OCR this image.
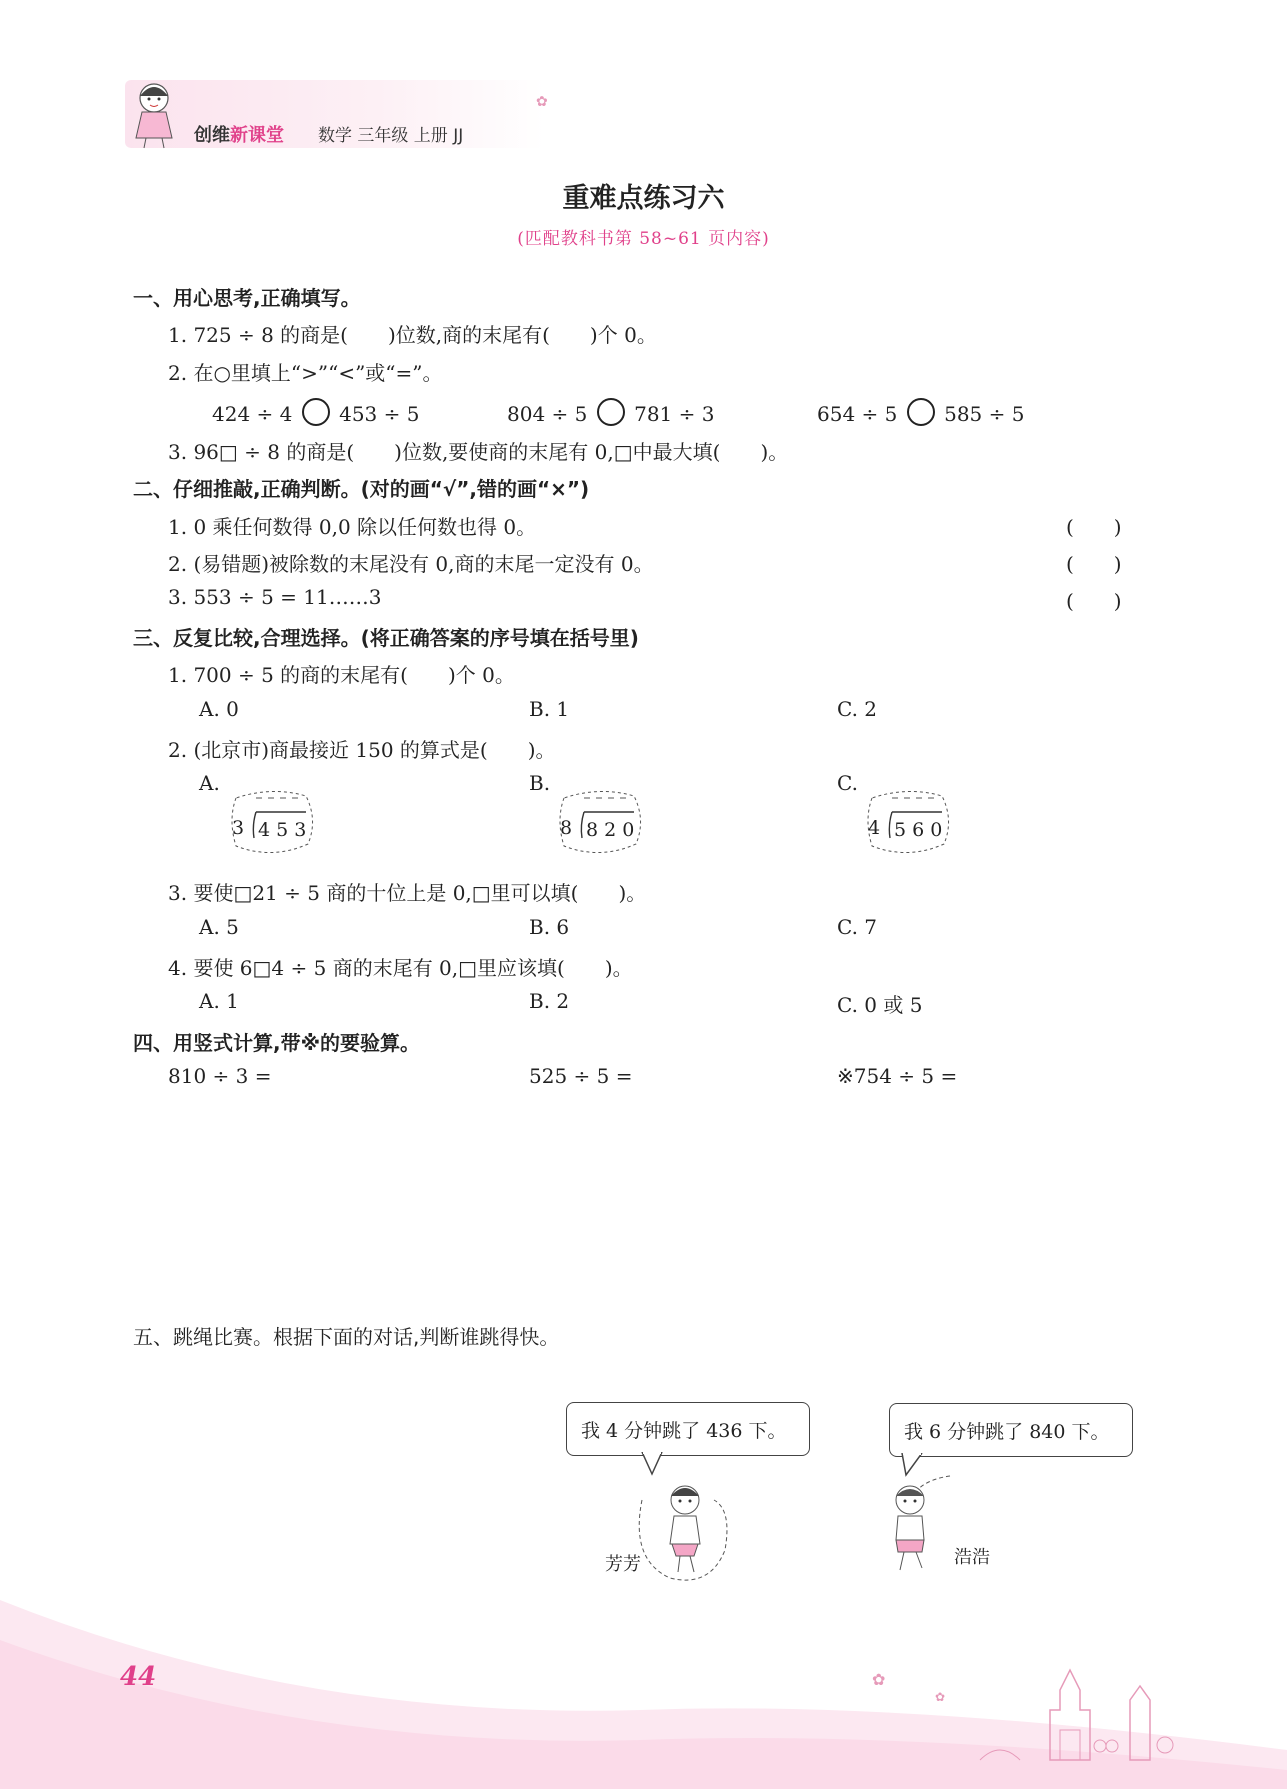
创维新课堂 数学 三年级 上册 JJ
✿
重难点练习六
(匹配教科书第 58~61 页内容)
一、用心思考,正确填写。
1. 725 ÷ 8 的商是(　　)位数,商的末尾有(　　)个 0。
2. 在○里填上“>”“<”或“=”。
424 ÷ 4 453 ÷ 5	804 ÷ 5 781 ÷ 3	654 ÷ 5 585 ÷ 5
3. 96□ ÷ 8 的商是(　　)位数,要使商的末尾有 0,□中最大填(　　)。
二、仔细推敲,正确判断。(对的画“√”,错的画“×”)
1. 0 乘任何数得 0,0 除以任何数也得 0。	(　　)
2. (易错题)被除数的末尾没有 0,商的末尾一定没有 0。	(　　)
3. 553 ÷ 5 = 11……3	(　　)
三、反复比较,合理选择。(将正确答案的序号填在括号里)
1. 700 ÷ 5 的商的末尾有(　　)个 0。
A. 0	B. 1	C. 2
2. (北京市)商最接近 150 的算式是(　　)。
A.	B.	C.
3 4 5 3	8 8 2 0	4 5 6 0
3. 要使□21 ÷ 5 商的十位上是 0,□里可以填(　　)。
A. 5	B. 6	C. 7
4. 要使 6□4 ÷ 5 商的末尾有 0,□里应该填(　　)。
A. 1	B. 2	C. 0 或 5
四、用竖式计算,带※的要验算。
810 ÷ 3 =	525 ÷ 5 =	※754 ÷ 5 =
五、跳绳比赛。根据下面的对话,判断谁跳得快。
我 4 分钟跳了 436 下。	我 6 分钟跳了 840 下。
芳芳	浩浩
✿
✿
44
